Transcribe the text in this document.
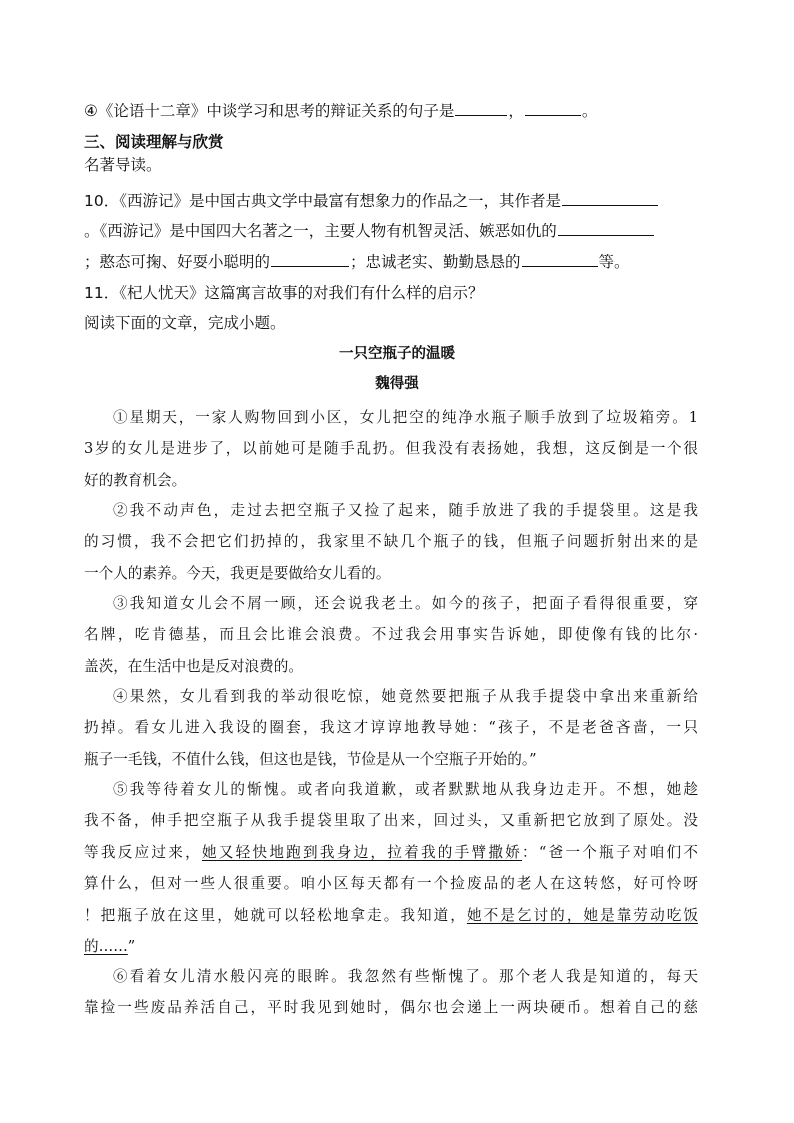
④《论语十二章》中谈学习和思考的辩证关系的句子是	，	。
三、阅读理解与欣赏
名著导读。
10．《西游记》是中国古典文学中最富有想象力的作品之一，其作者是
。《西游记》是中国四大名著之一，主要人物有机智灵活、嫉恶如仇的
；憨态可掬、好耍小聪明的	；忠诚老实、勤勤恳恳的	等。
11．《杞人忧天》这篇寓言故事的对我们有什么样的启示？
阅读下面的文章，完成小题。
一只空瓶子的温暖
魏得强
①星期天，一家人购物回到小区，女儿把空的纯净水瓶子顺手放到了垃圾箱旁。1
3岁的女儿是进步了，以前她可是随手乱扔。但我没有表扬她，我想，这反倒是一个很
好的教育机会。
②我不动声色，走过去把空瓶子又捡了起来，随手放进了我的手提袋里。这是我
的习惯，我不会把它们扔掉的，我家里不缺几个瓶子的钱，但瓶子问题折射出来的是
一个人的素养。今天，我更是要做给女儿看的。
③我知道女儿会不屑一顾，还会说我老土。如今的孩子，把面子看得很重要，穿
名牌，吃肯德基，而且会比谁会浪费。不过我会用事实告诉她，即使像有钱的比尔·
盖茨，在生活中也是反对浪费的。
④果然，女儿看到我的举动很吃惊，她竟然要把瓶子从我手提袋中拿出来重新给
扔掉。看女儿进入我设的圈套，我这才谆谆地教导她：“孩子，不是老爸吝啬，一只
瓶子一毛钱，不值什么钱，但这也是钱，节俭是从一个空瓶子开始的。”
⑤我等待着女儿的惭愧。或者向我道歉，或者默默地从我身边走开。不想，她趁
我不备，伸手把空瓶子从我手提袋里取了出来，回过头，又重新把它放到了原处。没
等我反应过来，她又轻快地跑到我身边，拉着我的手臂撒娇：“爸一个瓶子对咱们不
算什么，但对一些人很重要。咱小区每天都有一个捡废品的老人在这转悠，好可怜呀
！把瓶子放在这里，她就可以轻松地拿走。我知道，她不是乞讨的，她是靠劳动吃饭
的……”
⑥看着女儿清水般闪亮的眼眸。我忽然有些惭愧了。那个老人我是知道的，每天
靠捡一些废品养活自己，平时我见到她时，偶尔也会递上一两块硬币。想着自己的慈
